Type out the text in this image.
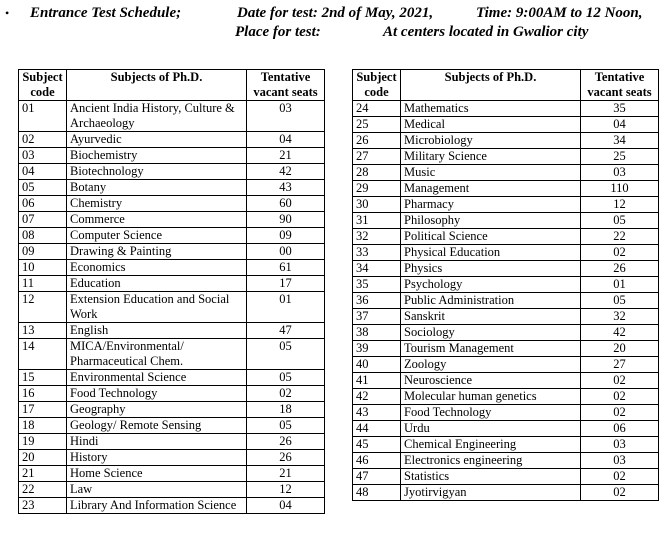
• Entrance Test Schedule;	Date for test: 2nd of May, 2021,	Time: 9:00AM to 12 Noon,
Place for test:	At centers located in Gwalior city
Subject code	Subjects of Ph.D.	Tentative vacant seats
01	Ancient India History, Culture & Archaeology	03
02	Ayurvedic	04
03	Biochemistry	21
04	Biotechnology	42
05	Botany	43
06	Chemistry	60
07	Commerce	90
08	Computer Science	09
09	Drawing & Painting	00
10	Economics	61
11	Education	17
12	Extension Education and Social Work	01
13	English	47
14	MICA/Environmental/ Pharmaceutical Chem.	05
15	Environmental Science	05
16	Food Technology	02
17	Geography	18
18	Geology/ Remote Sensing	05
19	Hindi	26
20	History	26
21	Home Science	21
22	Law	12
23	Library And Information Science	04
Subject code	Subjects of Ph.D.	Tentative vacant seats
24	Mathematics	35
25	Medical	04
26	Microbiology	34
27	Military Science	25
28	Music	03
29	Management	110
30	Pharmacy	12
31	Philosophy	05
32	Political Science	22
33	Physical Education	02
34	Physics	26
35	Psychology	01
36	Public Administration	05
37	Sanskrit	32
38	Sociology	42
39	Tourism Management	20
40	Zoology	27
41	Neuroscience	02
42	Molecular human genetics	02
43	Food Technology	02
44	Urdu	06
45	Chemical Engineering	03
46	Electronics engineering	03
47	Statistics	02
48	Jyotirvigyan	02
